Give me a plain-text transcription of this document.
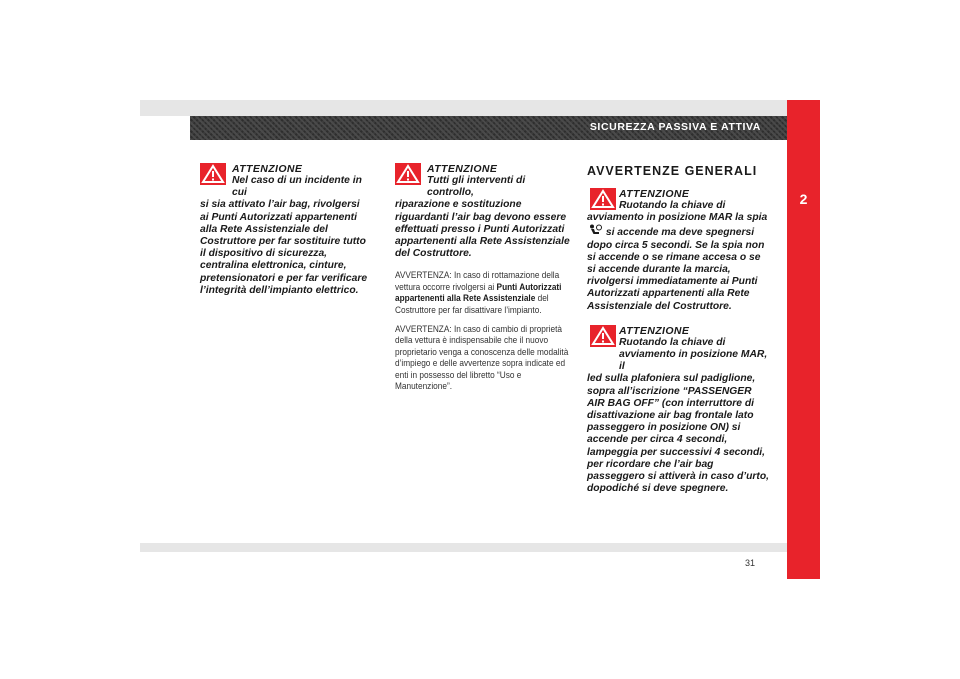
SICUREZZA PASSIVA E ATTIVA
2
31
ATTENZIONE
Nel caso di un incidente in cui
si sia attivato l’air bag, rivolgersi ai Punti Autorizzati appartenenti alla Rete Assistenziale del Costruttore per far sostituire tutto il dispositivo di sicurezza, centralina elettronica, cinture, pretensionatori e per far verificare l’integrità dell’impianto elettrico.
ATTENZIONE
Tutti gli interventi di controllo,
riparazione e sostituzione riguardanti l’air bag devono essere effettuati presso i Punti Autorizzati appartenenti alla Rete Assistenziale del Costruttore.
AVVERTENZA: In caso di rottamazione della vettura occorre rivolgersi ai Punti Autorizzati appartenenti alla Rete Assistenziale del Costruttore per far disattivare l’impianto.
AVVERTENZA: In caso di cambio di proprietà della vettura è indispensabile che il nuovo proprietario venga a conoscenza delle modalità d’impiego e delle avvertenze sopra indicate ed enti in possesso del libretto “Uso e Manutenzione”.
AVVERTENZE GENERALI
ATTENZIONE
Ruotando la chiave di
avviamento in posizione MAR la spia
si accende ma deve spegnersi dopo circa 5 secondi. Se la spia non si accende o se rimane accesa o se si accende durante la marcia, rivolgersi immediatamente ai Punti Autorizzati appartenenti alla Rete Assistenziale del Costruttore.
ATTENZIONE
Ruotando la chiave di
avviamento in posizione MAR, il
led sulla plafoniera sul padiglione, sopra all’iscrizione “PASSENGER AIR BAG OFF” (con interruttore di disattivazione air bag frontale lato passeggero in posizione ON) si accende per circa 4 secondi, lampeggia per successivi 4 secondi, per ricordare che l’air bag passeggero si attiverà in caso d’urto, dopodiché si deve spegnere.
